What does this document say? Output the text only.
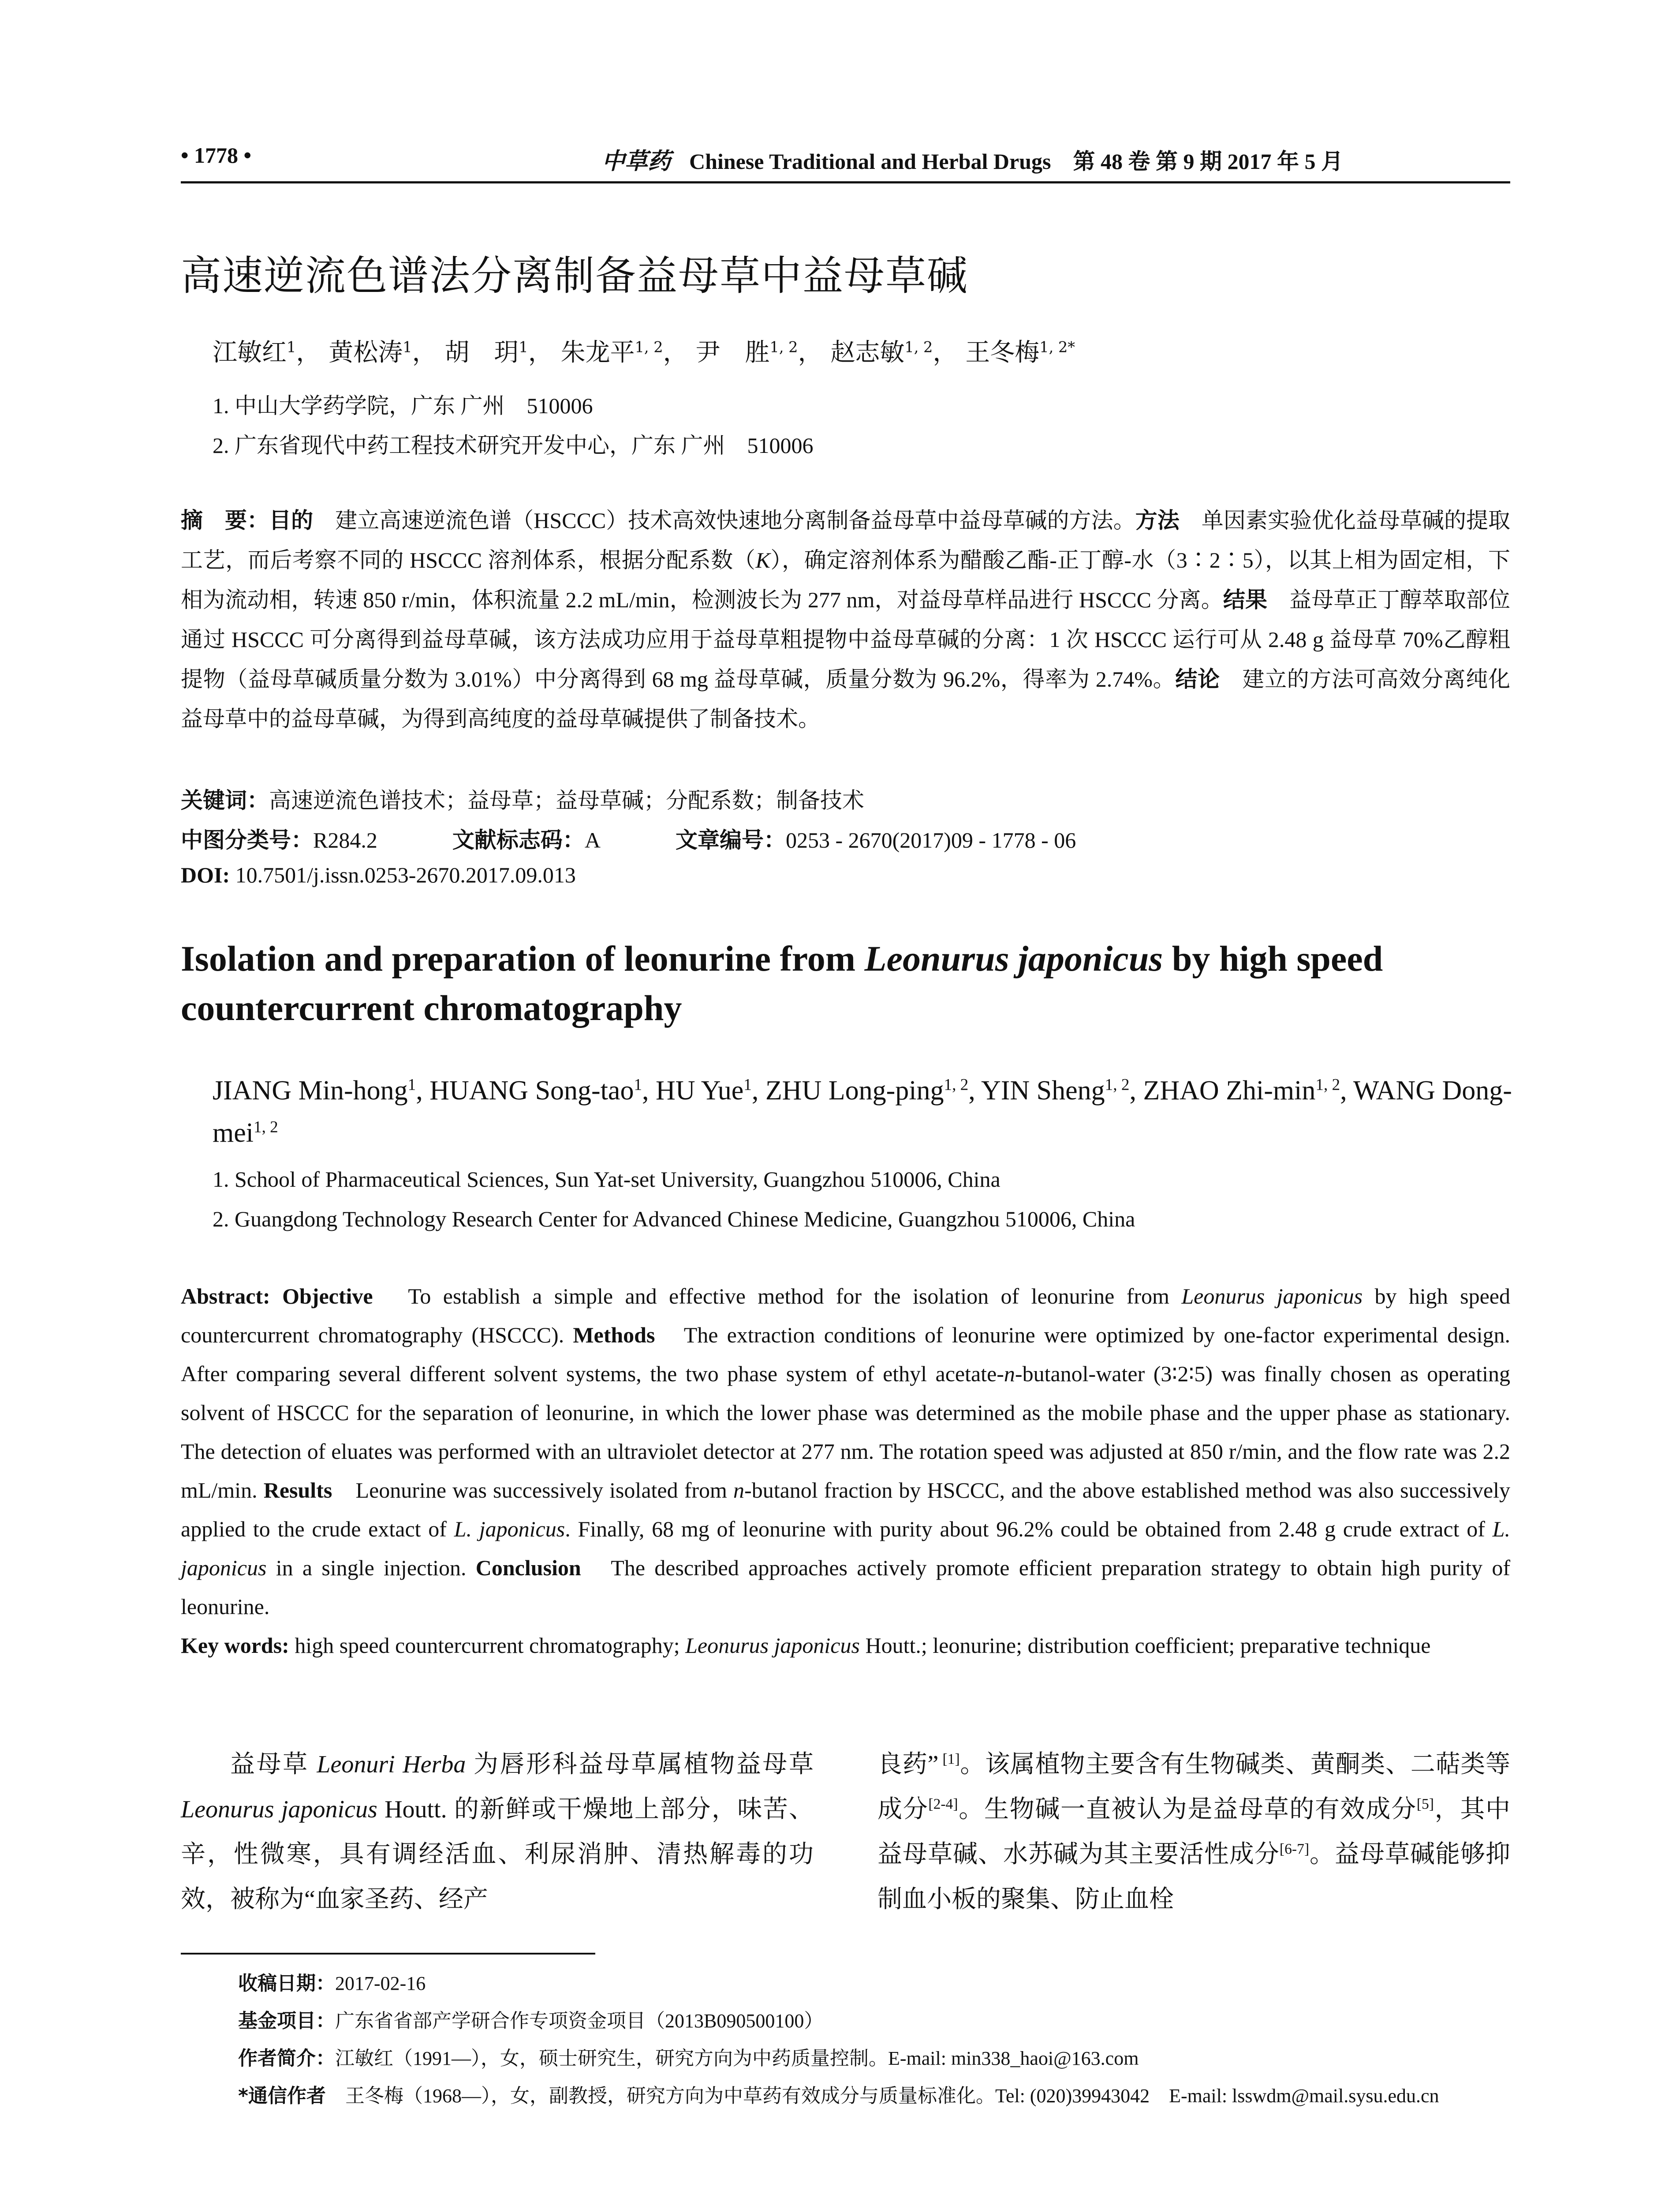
• 1778 •	中草药 Chinese Traditional and Herbal Drugs　 第 48 卷 第 9 期 2017 年 5 月
高速逆流色谱法分离制备益母草中益母草碱
江敏红$^1$， 黄松涛$^1$， 胡　玥$^1$， 朱龙平$^{1, 2}$， 尹　胜$^{1, 2}$， 赵志敏$^{1, 2}$， 王冬梅$^{1, 2*}$
1. 中山大学药学院，广东 广州　510006
2. 广东省现代中药工程技术研究开发中心，广东 广州　510006
摘　要：目的　建立高速逆流色谱（HSCCC）技术高效快速地分离制备益母草中益母草碱的方法。方法　单因素实验优化益母草碱的提取工艺，而后考察不同的 HSCCC 溶剂体系，根据分配系数（K），确定溶剂体系为醋酸乙酯-正丁醇-水（3∶2∶5），以其上相为固定相，下相为流动相，转速 850 r/min，体积流量 2.2 mL/min，检测波长为 277 nm，对益母草样品进行 HSCCC 分离。结果　益母草正丁醇萃取部位通过 HSCCC 可分离得到益母草碱，该方法成功应用于益母草粗提物中益母草碱的分离：1 次 HSCCC 运行可从 2.48 g 益母草 70%乙醇粗提物（益母草碱质量分数为 3.01%）中分离得到 68 mg 益母草碱，质量分数为 96.2%，得率为 2.74%。结论　建立的方法可高效分离纯化益母草中的益母草碱，为得到高纯度的益母草碱提供了制备技术。
关键词：高速逆流色谱技术；益母草；益母草碱；分配系数；制备技术
中图分类号：R284.2	文献标志码：A	文章编号：0253 - 2670(2017)09 - 1778 - 06
DOI: 10.7501/j.issn.0253-2670.2017.09.013
Isolation and preparation of leonurine from Leonurus japonicus by high speed countercurrent chromatography
JIANG Min-hong$^1$, HUANG Song-tao$^1$, HU Yue$^1$, ZHU Long-ping$^{1, 2}$, YIN Sheng$^{1, 2}$, ZHAO Zhi-$\min^{1, 2}$, WANG Dong-mei$^{1, 2}$
1. School of Pharmaceutical Sciences, Sun Yat-set University, Guangzhou 510006, China
2. Guangdong Technology Research Center for Advanced Chinese Medicine, Guangzhou 510006, China
Abstract: Objective　To establish a simple and effective method for the isolation of leonurine from Leonurus japonicus by high speed countercurrent chromatography (HSCCC). Methods　The extraction conditions of leonurine were optimized by one-factor experimental design. After comparing several different solvent systems, the two phase system of ethyl acetate-n-butanol-water (3∶2∶5) was finally chosen as operating solvent of HSCCC for the separation of leonurine, in which the lower phase was determined as the mobile phase and the upper phase as stationary. The detection of eluates was performed with an ultraviolet detector at 277 nm. The rotation speed was adjusted at 850 r/min, and the flow rate was 2.2 mL/min. Results　Leonurine was successively isolated from n-butanol fraction by HSCCC, and the above established method was also successively applied to the crude extact of L. japonicus. Finally, 68 mg of leonurine with purity about 96.2% could be obtained from 2.48 g crude extract of L. japonicus in a single injection. Conclusion　The described approaches actively promote efficient preparation strategy to obtain high purity of leonurine.
Key words: high speed countercurrent chromatography; Leonurus japonicus Houtt.; leonurine; distribution coefficient; preparative technique
益母草 Leonuri Herba 为唇形科益母草属植物益母草 Leonurus japonicus Houtt. 的新鲜或干燥地上部分，味苦、辛，性微寒，具有调经活血、利尿消肿、清热解毒的功效，被称为“血家圣药、经产
良药” [1]。该属植物主要含有生物碱类、黄酮类、二萜类等成分[2-4]。生物碱一直被认为是益母草的有效成分[5]，其中益母草碱、水苏碱为其主要活性成分[6-7]。益母草碱能够抑制血小板的聚集、防止血栓
收稿日期：2017-02-16
基金项目：广东省省部产学研合作专项资金项目（2013B090500100）
作者简介：江敏红（1991—），女，硕士研究生，研究方向为中药质量控制。E-mail: min338_haoi@163.com
*通信作者　王冬梅（1968—），女，副教授，研究方向为中草药有效成分与质量标准化。Tel: (020)39943042　E-mail: lsswdm@mail.sysu.edu.cn
